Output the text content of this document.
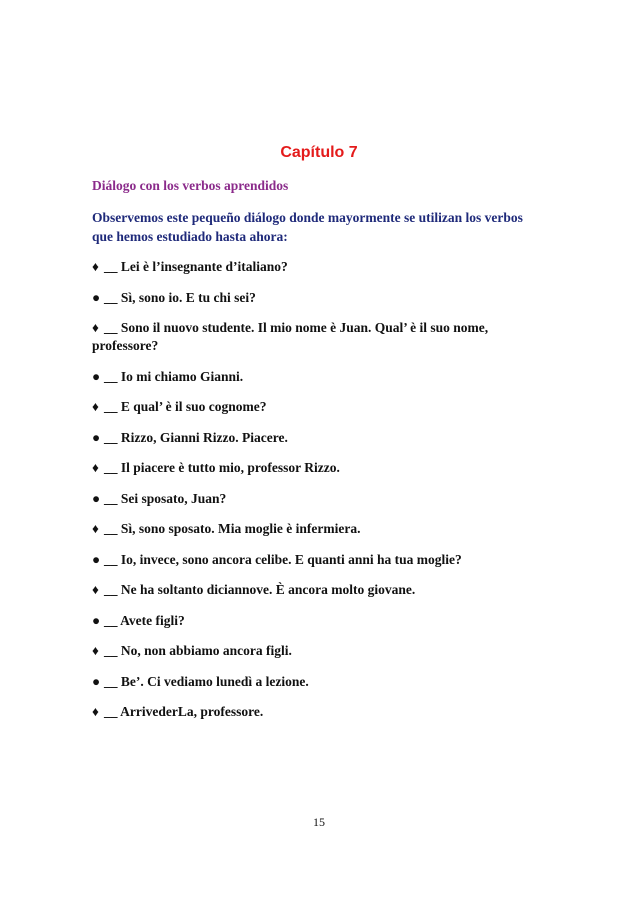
Capítulo 7
Diálogo con los verbos aprendidos
Observemos este pequeño diálogo donde mayormente se utilizan los verbos que hemos estudiado hasta ahora:
♦ __ Lei è l’insegnante d’italiano?
● __ Sì, sono io. E tu chi sei?
♦ __ Sono il nuovo studente. Il mio nome è Juan. Qual’ è il suo nome, professore?
● __ Io mi chiamo Gianni.
♦ __ E qual’ è il suo cognome?
● __ Rizzo, Gianni Rizzo. Piacere.
♦ __ Il piacere è tutto mio, professor Rizzo.
● __ Sei sposato, Juan?
♦ __ Sì, sono sposato. Mia moglie è infermiera.
● __ Io, invece, sono ancora celibe. E quanti anni ha tua moglie?
♦ __ Ne ha soltanto diciannove. È ancora molto giovane.
● __ Avete figli?
♦ __ No, non abbiamo ancora figli.
● __ Be’. Ci vediamo lunedì a lezione.
♦ __ ArrivederLa, professore.
15
